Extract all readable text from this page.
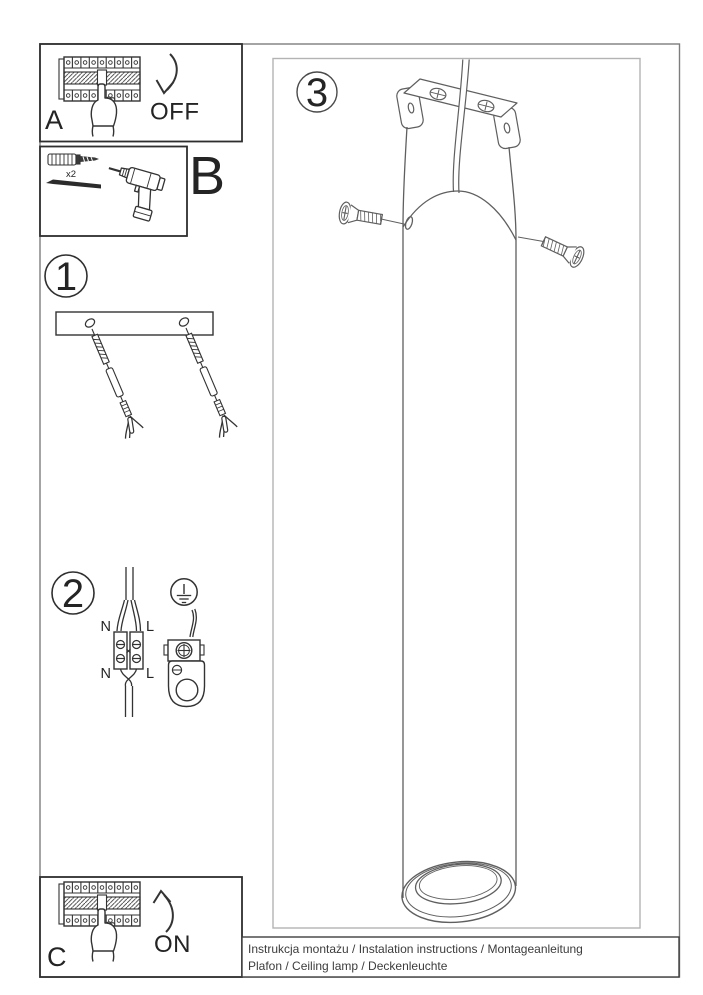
A	OFF
x2 B
1
2
N L
N L
3
C	ON	Instrukcja montażu / Instalation instructions / Montageanleitung
Plafon / Ceiling lamp / Deckenleuchte
